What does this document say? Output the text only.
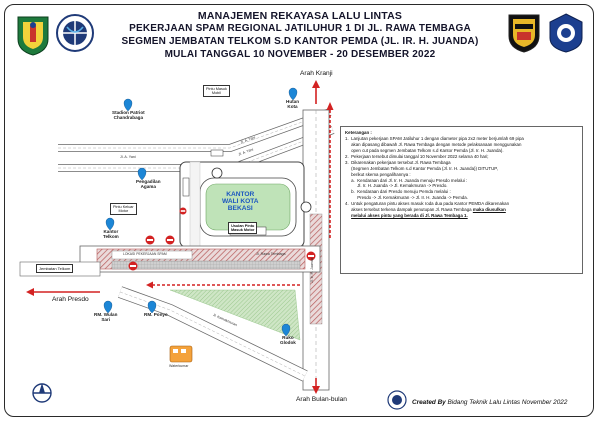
MANAJEMEN REKAYASA LALU LINTAS
PEKERJAAN SPAM REGIONAL JATILUHUR 1 DI JL. RAWA TEMBAGA
SEGMEN JEMBATAN TELKOM S.D KANTOR PEMDA (JL. IR. H. JUANDA)
MULAI TANGGAL 10 NOVEMBER - 20 DESEMBER 2022
Arah Kranji
Arah Presdo
Arah Bulan-bulan
KANTOR
WALI KOTA
BEKASI
Stadion Patriot
Chandrabaga
Hutan
Kota
Pengadilan
Agama
Kantor
Telkom
RM. Wulan
Sari
RM. Ponyo
Ruko
Glodok
Waterkumar
Pintu Masuk
Mobil
Pintu Keluar
Motor
Usulan Pintu
Masuk Motor
Jembatan Telkom
Jl. A. Yani
Jl. A. Yani
Jl. A. Yani
Jl. Rawa Tembaga
Jl. Kemakmuran
Jl. Ir. H. Juanda
LOKASI PEKERJAAN SPAM
Keterangan :
1.  Lanjutan pekerjaan SPAM Jatiluhur 1 dengan diameter pipa 2x2 meter berjumlah 69 pipa
akan dipasang dibawah Jl. Rawa Tembaga dengan metode pelaksanaan menggunakan
open cut pada segmen Jembatan Telkom s.d Kantor Pemda (Jl. Ir. H. Juanda).
2.  Pekerjaan tersebut dimulai tanggal 10 November 2022 selama 40 hari;
3.  Dikarenakan pekerjaan tersebut Jl. Rawa Tembaga
(Segmen Jembatan Telkom s.d Kantor Pemda (Jl. Ir. H. Juanda)) DITUTUP,
berikut skema pengalihannya :
a.  Kendaraan dari Jl. Ir. H. Juanda menuju Presdo melalui :
Jl. Ir. H. Juanda -> Jl. Kemakmuran -> Presdo.
b.  Kendaraan dari Presdo menuju Pemda melalui :
Presdo -> Jl. Kemakmuran -> Jl. Ir. H. Juanda -> Pemda.
4.  Untuk pengaturan pintu akses masuk roda dua pada Kantor PEMDA dikarenakan
akses tersebut terkena dampak penutupan Jl. Rawa Tembaga maka diusulkan
melalui akses pintu yang berada di Jl. Rawa Tembaga 1.
Created By Bidang Teknik Lalu Lintas November 2022
